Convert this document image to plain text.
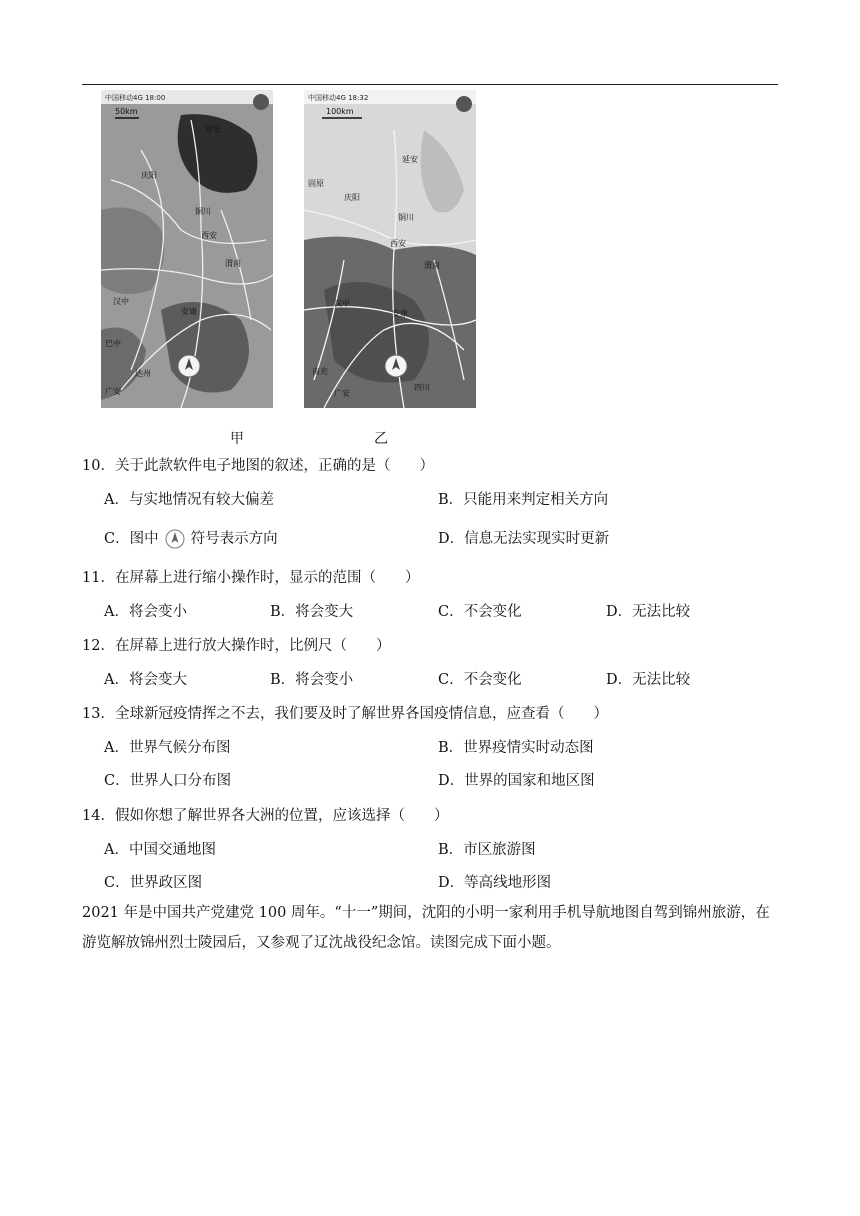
中国移动4G 18:00
50km
延安
庆阳
铜川
西安
渭南
汉中
安康
巴中
达州
广安
甲
中国移动4G 18:32
100km
延安
固原
庆阳
铜川
西安
渭南
汉中
安康
南充
广安
四川
乙
10．关于此款软件电子地图的叙述，正确的是（　　）
A．与实地情况有较大偏差	B．只能用来判定相关方向
C．图中 符号表示方向	D．信息无法实现实时更新
11．在屏幕上进行缩小操作时，显示的范围（　　）
A．将会变小	B．将会变大	C．不会变化	D．无法比较
12．在屏幕上进行放大操作时，比例尺（　　）
A．将会变大	B．将会变小	C．不会变化	D．无法比较
13．全球新冠疫情挥之不去，我们要及时了解世界各国疫情信息，应查看（　　）
A．世界气候分布图	B．世界疫情实时动态图
C．世界人口分布图	D．世界的国家和地区图
14．假如你想了解世界各大洲的位置，应该选择（　　）
A．中国交通地图	B．市区旅游图
C．世界政区图	D．等高线地形图
2021 年是中国共产党建党 100 周年。“十一”期间，沈阳的小明一家利用手机导航地图自驾到锦州旅游，在游览解放锦州烈士陵园后，又参观了辽沈战役纪念馆。读图完成下面小题。
